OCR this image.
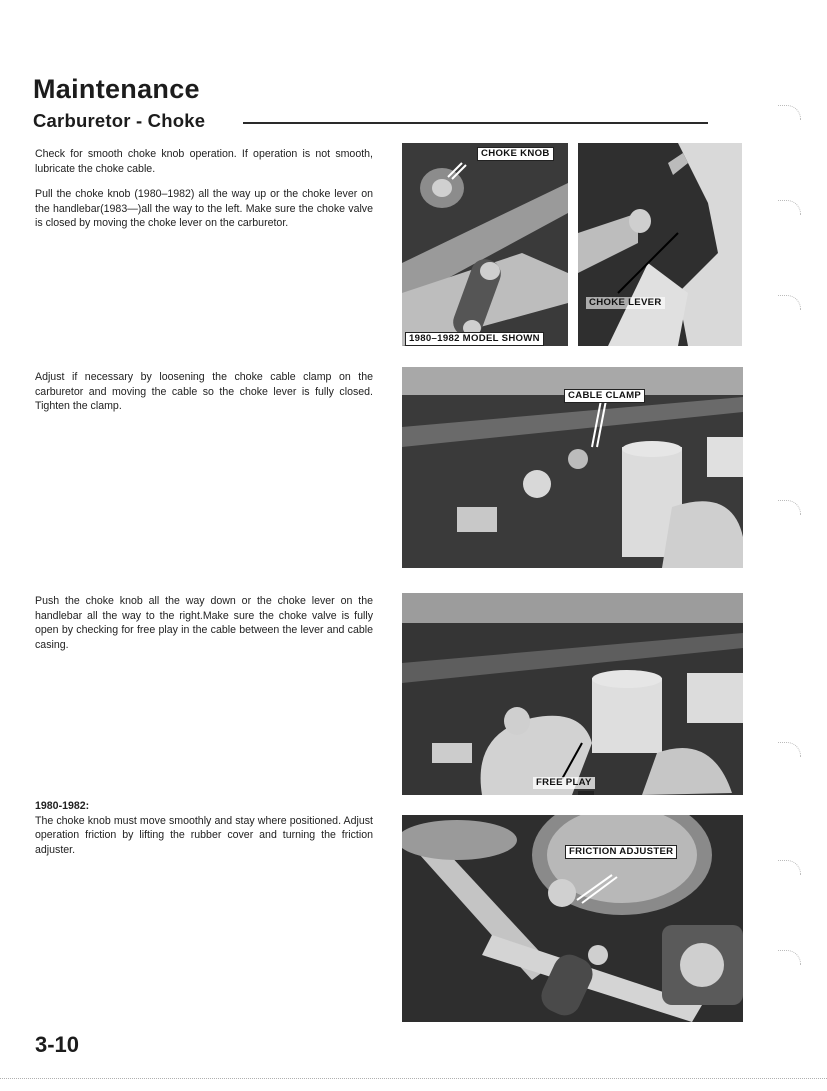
Maintenance
Carburetor - Choke

Check for smooth choke knob operation. If operation is not smooth, lubricate the choke cable.

Pull the choke knob (1980–1982) all the way up or the choke lever on the handlebar(1983—)all the way to the left. Make sure the choke valve is closed by moving the choke lever on the carburetor.

CHOKE KNOB
1980–1982 MODEL SHOWN
CHOKE LEVER

Adjust if necessary by loosening the choke cable clamp on the carburetor and moving the cable so the choke lever is fully closed. Tighten the clamp.

CABLE CLAMP

Push the choke knob all the way down or the choke lever on the handlebar all the way to the right.Make sure the choke valve is fully open by checking for free play in the cable between the lever and cable casing.

FREE PLAY

1980-1982:
The choke knob must move smoothly and stay where positioned. Adjust operation friction by lifting the rubber cover and turning the friction adjuster.	FRICTION ADJUSTER
3-10
